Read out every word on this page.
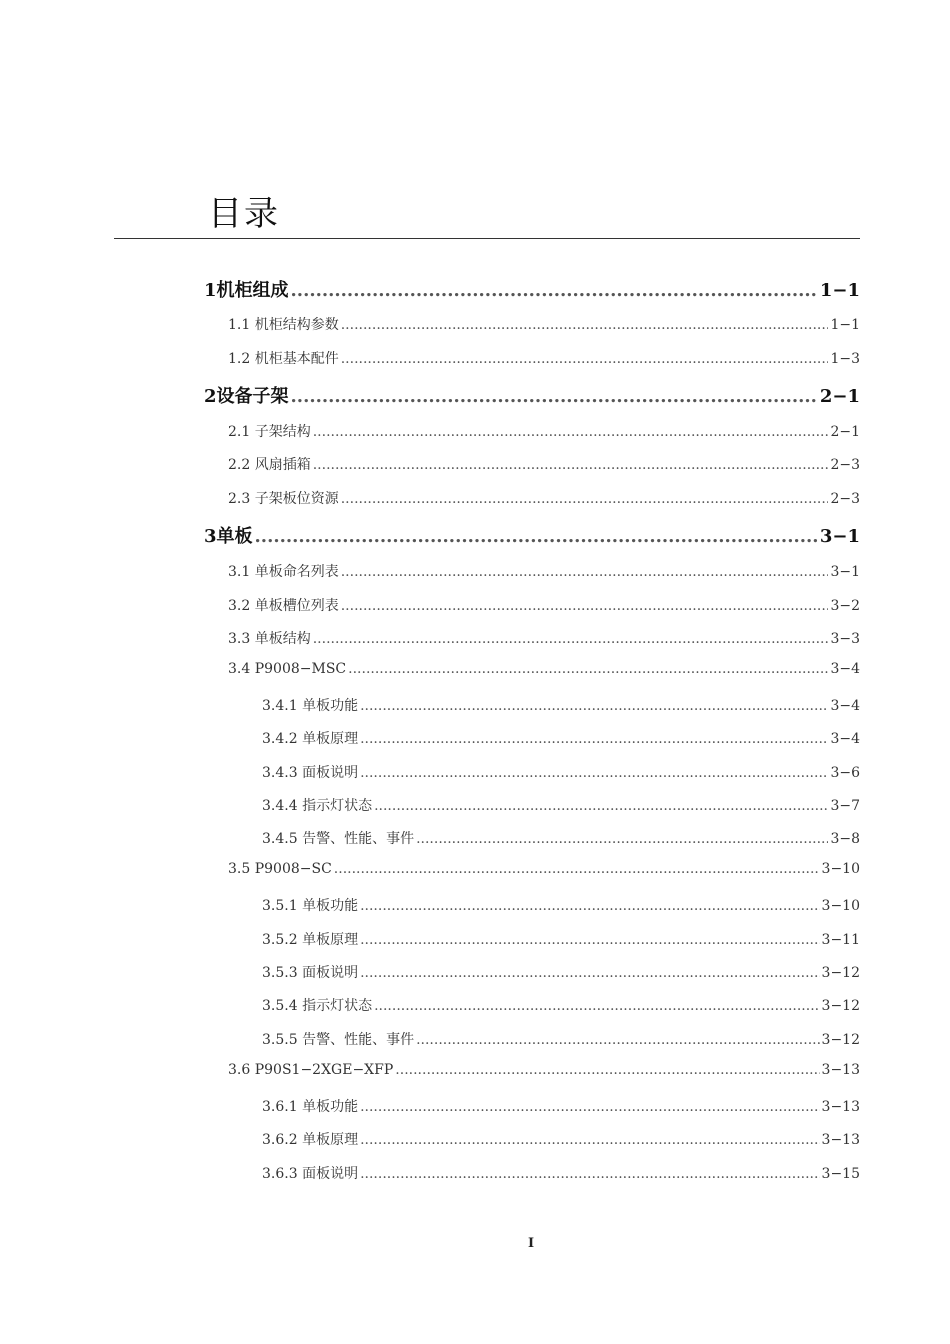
目录
1 机柜组成 .....	1−1
1.1 机柜结构参数 .....	1−1
1.2 机柜基本配件 .....	1−3
2 设备子架 .....	2−1
2.1 子架结构 .....	2−1
2.2 风扇插箱 .....	2−3
2.3 子架板位资源 .....	2−3
3 单板 .....	3−1
3.1 单板命名列表 .....	3−1
3.2 单板槽位列表 .....	3−2
3.3 单板结构 .....	3−3
3.4 P9008−MSC .....	3−4
3.4.1 单板功能 .....	3−4
3.4.2 单板原理 .....	3−4
3.4.3 面板说明 .....	3−6
3.4.4 指示灯状态 .....	3−7
3.4.5 告警、性能、事件 .....	3−8
3.5 P9008−SC .....	3−10
3.5.1 单板功能 .....	3−10
3.5.2 单板原理 .....	3−11
3.5.3 面板说明 .....	3−12
3.5.4 指示灯状态 .....	3−12
3.5.5 告警、性能、事件 .....	3−12
3.6 P90S1−2XGE−XFP .....	3−13
3.6.1 单板功能 .....	3−13
3.6.2 单板原理 .....	3−13
3.6.3 面板说明 .....	3−15
I
